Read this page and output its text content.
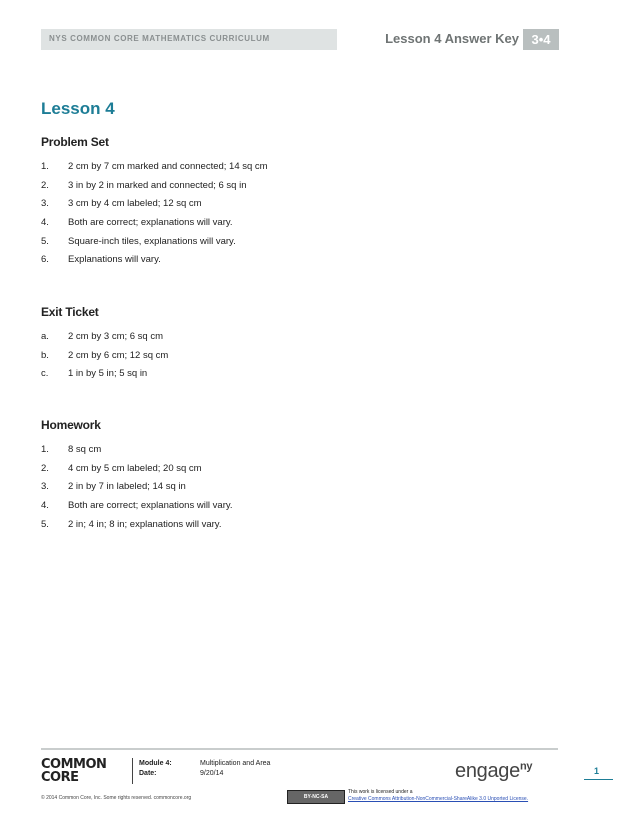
NYS COMMON CORE MATHEMATICS CURRICULUM	Lesson 4 Answer Key 3•4
Lesson 4
Problem Set
1. 2 cm by 7 cm marked and connected; 14 sq cm
2. 3 in by 2 in marked and connected; 6 sq in
3. 3 cm by 4 cm labeled; 12 sq cm
4. Both are correct; explanations will vary.
5. Square-inch tiles, explanations will vary.
6. Explanations will vary.
Exit Ticket
a. 2 cm by 3 cm; 6 sq cm
b. 2 cm by 6 cm; 12 sq cm
c. 1 in by 5 in; 5 sq in
Homework
1. 8 sq cm
2. 4 cm by 5 cm labeled; 20 sq cm
3. 2 in by 7 in labeled; 14 sq in
4. Both are correct; explanations will vary.
5. 2 in; 4 in; 8 in; explanations will vary.
COMMON
CORE
Module 4:	Multiplication and Area
Date:	9/20/14	engage$^{ny}$	1
© 2014 Common Core, Inc. Some rights reserved. commoncore.org	BY-NC-SA
This work is licensed under a
Creative Commons Attribution-NonCommercial-ShareAlike 3.0 Unported License.
